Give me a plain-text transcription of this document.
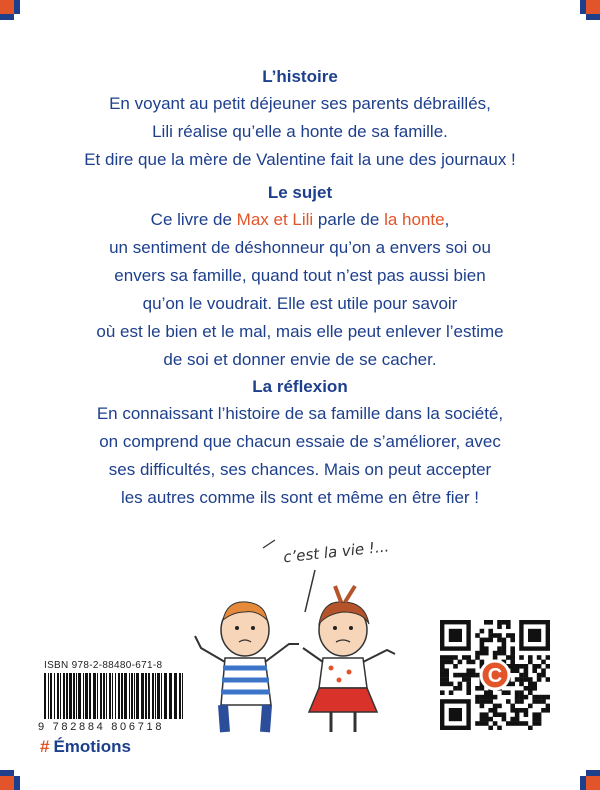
L’histoire

En voyant au petit déjeuner ses parents débraillés,

Lili réalise qu’elle a honte de sa famille.

Et dire que la mère de Valentine fait la une des journaux !

Le sujet

Ce livre de Max et Lili parle de la honte,

un sentiment de déshonneur qu’on a envers soi ou

envers sa famille, quand tout n’est pas aussi bien

qu’on le voudrait. Elle est utile pour savoir

où est le bien et le mal, mais elle peut enlever l’estime

de soi et donner envie de se cacher.

La réflexion

En connaissant l’histoire de sa famille dans la société,

on comprend que chacun essaie de s’améliorer, avec

ses difficultés, ses chances. Mais on peut accepter

les autres comme ils sont et même en être fier !

c’est la vie !...
ISBN 978-2-88480-671-8
9 782884 806718
C
# Émotions
